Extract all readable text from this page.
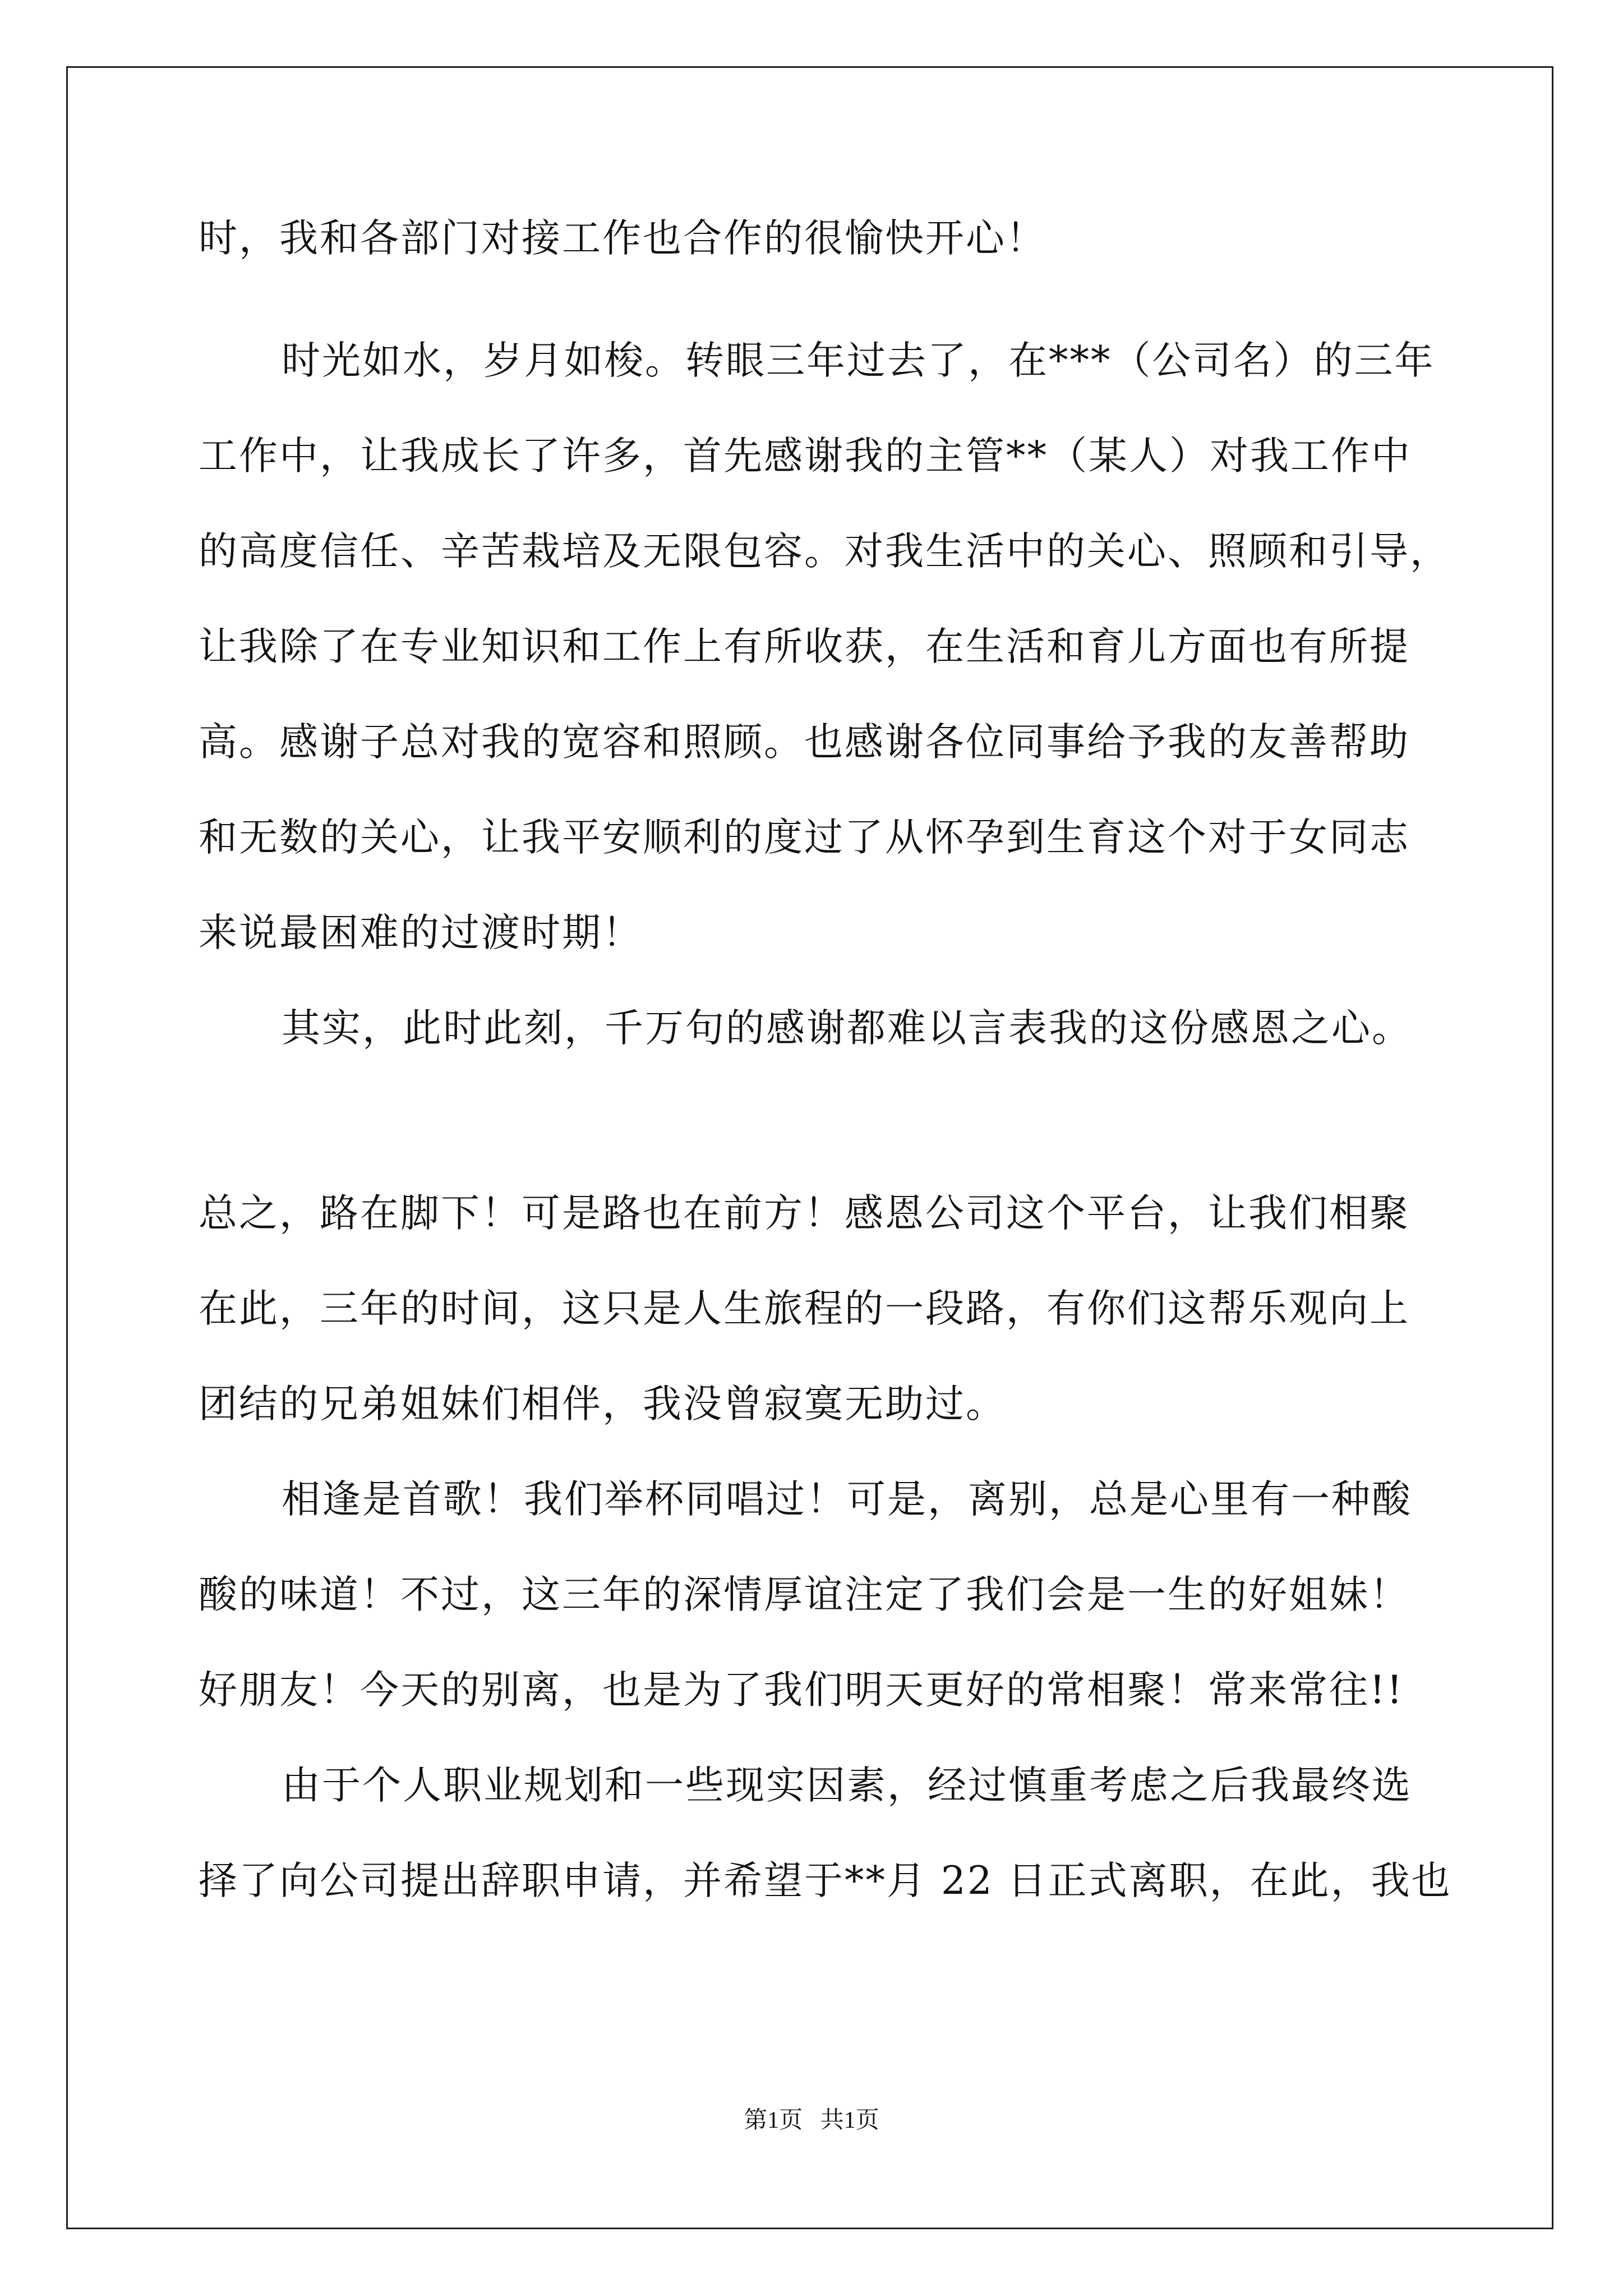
时，我和各部门对接工作也合作的很愉快开心！

时光如水，岁月如梭。转眼三年过去了，在***（公司名）的三年

工作中，让我成长了许多，首先感谢我的主管**（某人）对我工作中

的高度信任、辛苦栽培及无限包容。对我生活中的关心、照顾和引导，

让我除了在专业知识和工作上有所收获，在生活和育儿方面也有所提

高。感谢子总对我的宽容和照顾。也感谢各位同事给予我的友善帮助

和无数的关心，让我平安顺利的度过了从怀孕到生育这个对于女同志

来说最困难的过渡时期！

其实，此时此刻，千万句的感谢都难以言表我的这份感恩之心。

总之，路在脚下！可是路也在前方！感恩公司这个平台，让我们相聚

在此，三年的时间，这只是人生旅程的一段路，有你们这帮乐观向上

团结的兄弟姐妹们相伴，我没曾寂寞无助过。

相逢是首歌！我们举杯同唱过！可是，离别，总是心里有一种酸

酸的味道！不过，这三年的深情厚谊注定了我们会是一生的好姐妹！

好朋友！今天的别离，也是为了我们明天更好的常相聚！常来常往!!

由于个人职业规划和一些现实因素，经过慎重考虑之后我最终选

择了向公司提出辞职申请，并希望于**月 22 日正式离职，在此，我也

第1页   共1页
